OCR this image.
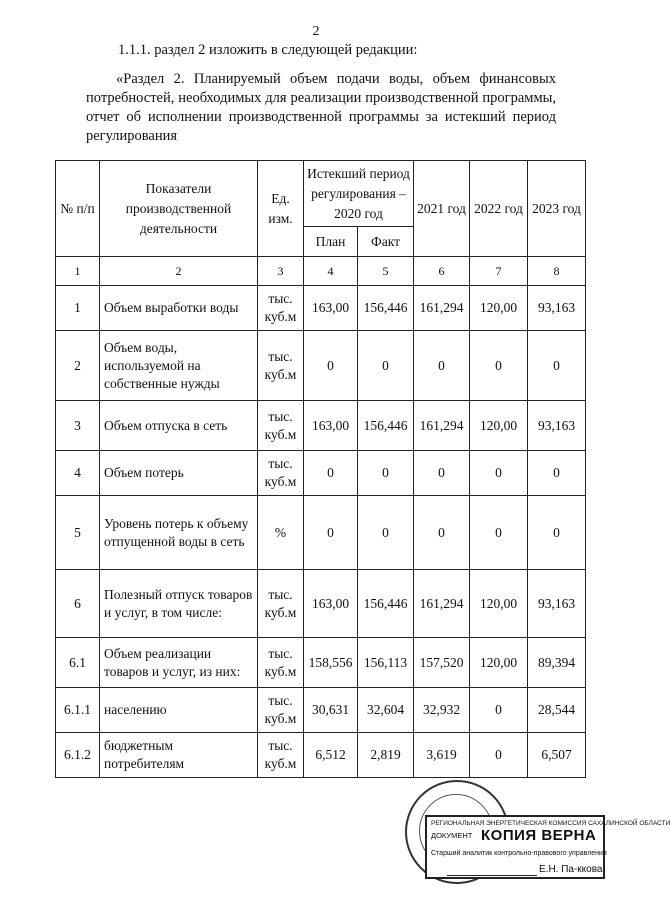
2
1.1.1. раздел 2 изложить в следующей редакции:
«Раздел 2. Планируемый объем подачи воды, объем финансовых потребностей, необходимых для реализации производственной программы, отчет об исполнении производственной программы за истекший период регулирования
№ п/п	Показатели производственной деятельности	Ед. изм.	Истекший период регулирования – 2020 год		2021 год	2022 год	2023 год
			План	Факт			
1	2	3	4	5	6	7	8
1	Объем выработки воды	тыс. куб.м	163,00	156,446	161,294	120,00	93,163
2	Объем воды, используемой на собственные нужды	тыс. куб.м	0	0	0	0	0
3	Объем отпуска в сеть	тыс. куб.м	163,00	156,446	161,294	120,00	93,163
4	Объем потерь	тыс. куб.м	0	0	0	0	0
5	Уровень потерь к объему отпущенной воды в сеть	%	0	0	0	0	0
6	Полезный отпуск товаров и услуг, в том числе:	тыс. куб.м	163,00	156,446	161,294	120,00	93,163
6.1	Объем реализации товаров и услуг, из них:	тыс. куб.м	158,556	156,113	157,520	120,00	89,394
6.1.1	населению	тыс. куб.м	30,631	32,604	32,932	0	28,544
6.1.2	бюджетным потребителям	тыс. куб.м	6,512	2,819	3,619	0	6,507
РЕГИОНАЛЬНАЯ ЭНЕРГЕТИЧЕСКАЯ КОМИССИЯ САХАЛИНСКОЙ ОБЛАСТИ
ДОКУМЕНТ КОПИЯ ВЕРНА
Старший аналитик контрольно-правового управления
Е.Н. Па-ккова
